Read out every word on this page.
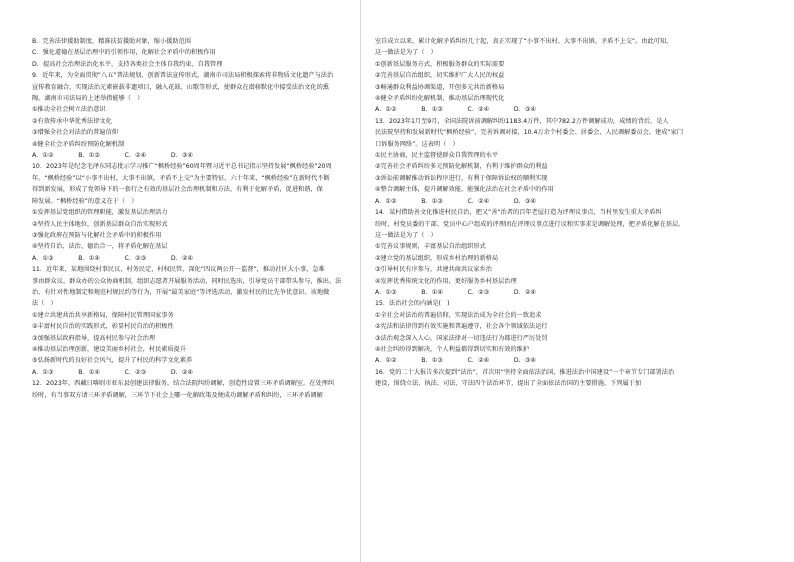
B．完善法律援助制度，精准扶贫援助对象，缩小援助范围
C．强化道德在基层治理中的引领作用，化解社会矛盾中的积极作用
D．提高社会治理法治化水平，支持各类社会主体自我约束、自我管理
9．近年来，为全面贯彻“八五”普法规划、创新普法宣传形式，湖南市司法局积极探索将非物质文化遗产与法治
宣传教育融合，实现法治元素嵌载非遗项目，融入花鼓、山歌等形式，使群众在潜移默化中接受法治文化的熏
陶。湖南市司法局的上述举措能够（　）
①推动全社会树立法治意识
②有效传承中华优秀法律文化
③增强全社会对法治的普遍信仰
④健全社会矛盾纠纷预防化解机制
A．①②　　　　B．①③　　　　C．②④　　　　D．③④
10．2023年是纪念毛泽东同志批示学习推广“枫桥经验”60周年暨习近平总书记指示坚持发展“枫桥经验”20周
年。“枫桥经验”以“小事不出村，大事不出镇，矛盾不上交”为主要特征。六十年来，“枫桥经验”在新时代不断
得到新发展，形成了党领导下的一套行之有效的基层社会治理机制和方法，有利于化解矛盾，促进和谐，保
障发展。“枫桥经验”的意义在于（　）
①发挥基层党组织的管理职能，激发基层治理活力
②坚持人民主体地位，创新基层群众自治实现形式
③强化政府在预防与化解社会矛盾中的积极作用
④坚持自治、法治、德治合一，将矛盾化解在基层
A．①③　　　　B．①④　　　　C．②③　　　　D．②④
11．近年来，某地围绕村事民议，村务民定，村权民管，深化“四议两公开一监督”，推动社区大小事，急难
事由群众议、群众办的公众协商机制，组织志愿者开展服务活动，同时民选出，引导党员干部带头参与，推出、法
治、有针对性地制定和规范村规民约等行为，开展“最美家庭”等评选活动，激发村民的比先争优意识。该地做
法（　）
①建立共建共治共享新格局，保障村民管理国家事务
②丰富村民自治的实践形式，彰显村民自治的积极性
③加强基层政府指导，提高村民参与社会治理
④推动基层治理创新，建设美丽乡村社会，村民素质提升
⑤弘扬新时代的良好社会风气，提升了村民的科学文化素养
A．①③　　　　B．①④　　　　C．②③　　　　D．②④
12．2023年，西藏日喀则市亚东县创建法律服务，结合法院纠纷调解，创造性设置三环矛盾调解室。在处理纠
纷时，有当事双方请三环矛盾调解，三环节下社会上哪一化解政策及便成功调解矛盾和纠纷，三环矛盾调解
室自成立以来，累计化解矛盾纠纷几十起，真正实现了“小事不出村、大事不出镇、矛盾不上交”。由此可知，
这一做法是为了（　）
①创新基层服务方式，积极服务群众的实际需要
②完善基层自治组织，切实维护广大人民的权益
③畅通群众利益协调渠道，开创多元共治新格局
④健全矛盾纠纷化解机制，推动基层治理现代化
A．①②　　　　B．①③　　　　C．②④　　　　D．③④
13．2023年1月至9月，全国法院诉前调解纠纷1183.4万件，其中782.2万件调解成功，成绩的背后，是人
民法院坚持和发展新时代“枫桥经验”，完善诉调对接，10.4万余个村委会、居委会、人民调解委员会，建成“家门
口诉服务网络”。这表明（　）
①民主协商，民主监督使群众自我管理的水平
②完善社会矛盾纠纷多元预防化解机制，有利于维护群众的利益
③诉讼前调解推动诉讼程序进行，有利于保障诉讼权的顺利实现
④整合调解主体，提升调解效能，能强化法治在社会矛盾中的作用
A．①②　　　　B．①③　　　　C．②④　　　　D．③④
14．某村借助善文化推进村民自治，把又“善”治者的百年老屋打造为评理议事点，当村里发生重大矛盾纠
纷时，村党员委的干部、党员中心户组成的评理团在评理议事点进行议和实事求是调解处理，把矛盾化解在基层。
这一做法是为了（　）
①完善议事规则，丰富基层自治组织形式
②建立党的基层组织，形成乡村治理的新格局
③引导村民有序参与，共建共商共议家乡治
④发挥优秀传统文化的作用，更好服务乡村基层治理
A．①③　　　　B．①④　　　　C．②③　　　　D．②④
15．法治社会的内涵是(　)
①全社会对法治的普遍信仰，实现法治成为全社会的一致追求
②宪法和法律得到有效实施和普遍遵守，社会各个领域依法运行
③法治观念深入人心，国家法律对一切违法行为都进行严厉处罚
④社会纠纷得到解决，个人利益都得到切实和有效的维护
A．①②　　　　B．①③　　　　C．②④　　　　D．③④
16．党的二十大报告多次提到“法治”，首次用“坚持全面依法治国，推进法治中国建设”一个章节专门部署法治
建设，围绕立法、执法、司法、守法四个法治环节，提出了全面依法治国的主要措施。下列属于加
